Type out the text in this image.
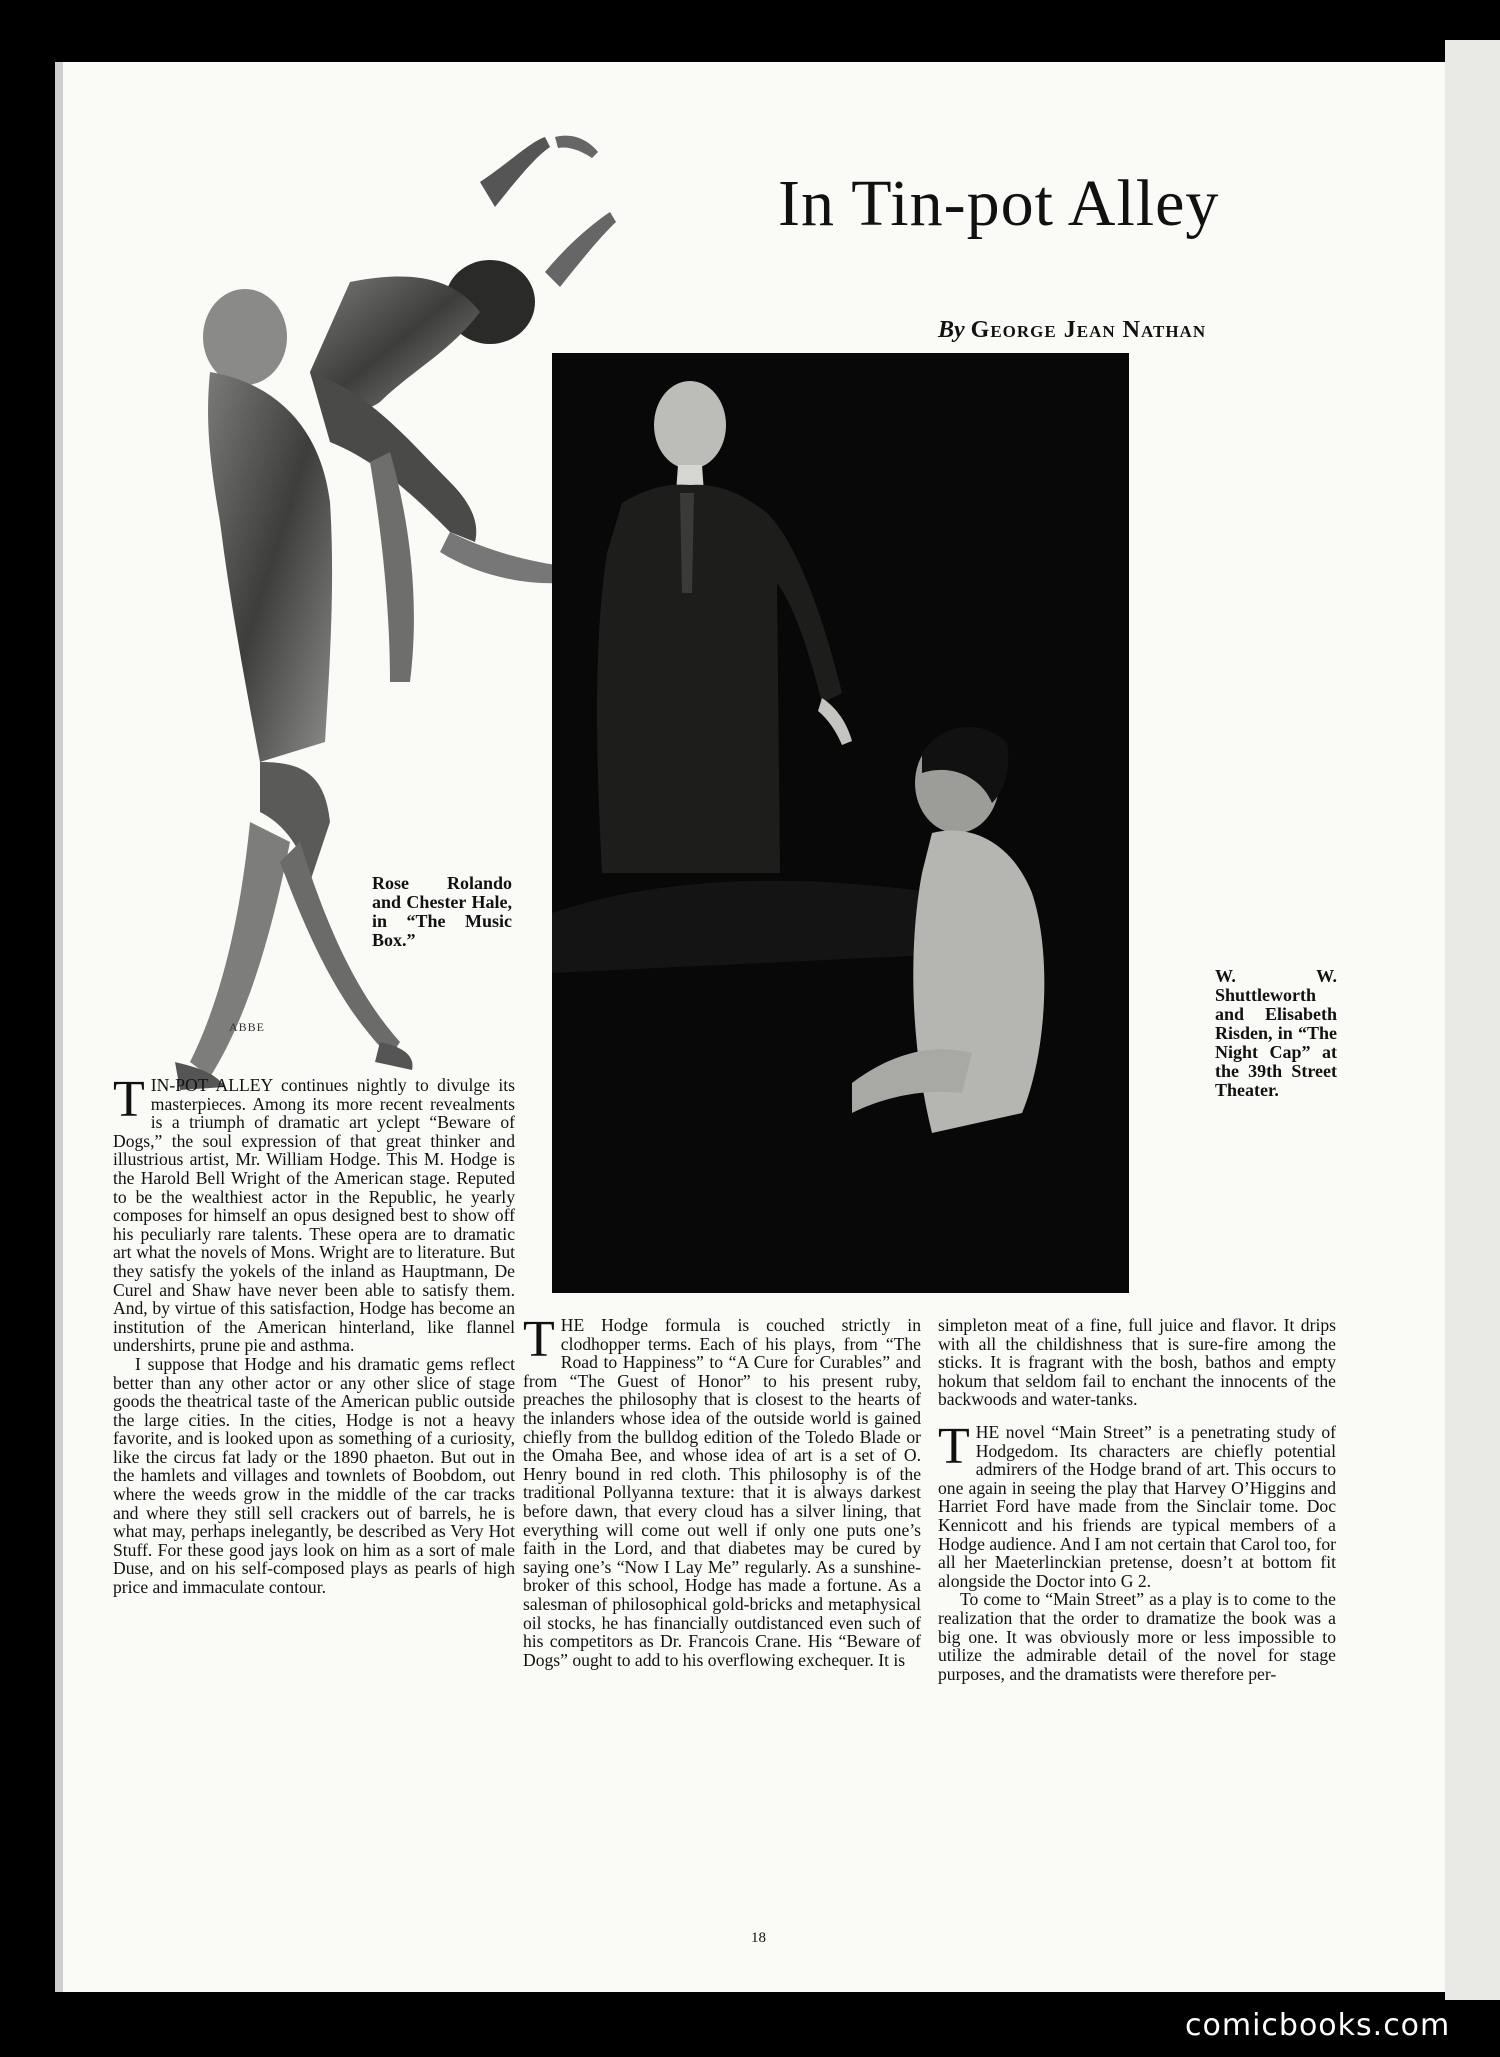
In Tin-pot Alley
By George Jean Nathan
ABBE
Rose Rolando and Chester Hale, in “The Music Box.”
W. W. Shuttleworth and Elisabeth Risden, in “The Night Cap” at the 39th Street Theater.

TIN-POT ALLEY continues nightly to divulge its masterpieces. Among its more recent revealments is a triumph of dramatic art yclept “Beware of Dogs,” the soul expression of that great thinker and illustrious artist, Mr. William Hodge. This M. Hodge is the Harold Bell Wright of the American stage. Reputed to be the wealthiest actor in the Republic, he yearly composes for himself an opus designed best to show off his peculiarly rare talents. These opera are to dramatic art what the novels of Mons. Wright are to literature. But they satisfy the yokels of the inland as Hauptmann, De Curel and Shaw have never been able to satisfy them. And, by virtue of this satisfaction, Hodge has become an institution of the American hinterland, like flannel undershirts, prune pie and asthma.

I suppose that Hodge and his dramatic gems reflect better than any other actor or any other slice of stage goods the theatrical taste of the American public outside the large cities. In the cities, Hodge is not a heavy favorite, and is looked upon as something of a curiosity, like the circus fat lady or the 1890 phaeton. But out in the hamlets and villages and townlets of Boobdom, out where the weeds grow in the middle of the car tracks and where they still sell crackers out of barrels, he is what may, perhaps inelegantly, be described as Very Hot Stuff. For these good jays look on him as a sort of male Duse, and on his self-composed plays as pearls of high price and immaculate contour.

THE Hodge formula is couched strictly in clodhopper terms. Each of his plays, from “The Road to Happiness” to “A Cure for Curables” and from “The Guest of Honor” to his present ruby, preaches the philosophy that is closest to the hearts of the inlanders whose idea of the outside world is gained chiefly from the bulldog edition of the Toledo Blade or the Omaha Bee, and whose idea of art is a set of O. Henry bound in red cloth. This philosophy is of the traditional Pollyanna texture: that it is always darkest before dawn, that every cloud has a silver lining, that everything will come out well if only one puts one’s faith in the Lord, and that diabetes may be cured by saying one’s “Now I Lay Me” regularly. As a sunshine-broker of this school, Hodge has made a fortune. As a salesman of philosophical gold-bricks and metaphysical oil stocks, he has financially outdistanced even such of his competitors as Dr. Francois Crane. His “Beware of Dogs” ought to add to his overflowing exchequer. It is

simpleton meat of a fine, full juice and flavor. It drips with all the childishness that is sure-fire among the sticks. It is fragrant with the bosh, bathos and empty hokum that seldom fail to enchant the innocents of the backwoods and water-tanks.

THE novel “Main Street” is a penetrating study of Hodgedom. Its characters are chiefly potential admirers of the Hodge brand of art. This occurs to one again in seeing the play that Harvey O’Higgins and Harriet Ford have made from the Sinclair tome. Doc Kennicott and his friends are typical members of a Hodge audience. And I am not certain that Carol too, for all her Maeterlinckian pretense, doesn’t at bottom fit alongside the Doctor into G 2.

To come to “Main Street” as a play is to come to the realization that the order to dramatize the book was a big one. It was obviously more or less impossible to utilize the admirable detail of the novel for stage purposes, and the dramatists were therefore per-

18
comicbooks.com
